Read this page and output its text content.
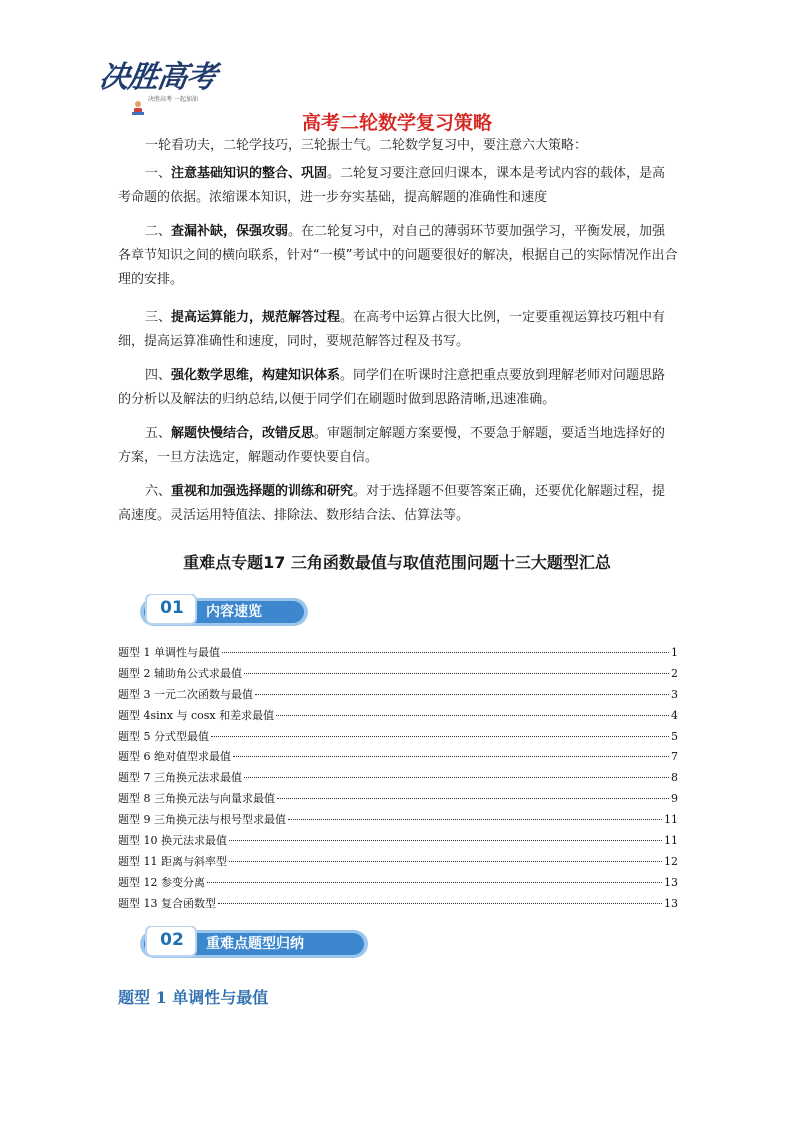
决胜高考
决胜高考 一起加油
高考二轮数学复习策略
一轮看功夫，二轮学技巧，三轮振士气。二轮数学复习中，要注意六大策略：
一、注意基础知识的整合、巩固。二轮复习要注意回归课本，课本是考试内容的载体，是高考命题的依据。浓缩课本知识，进一步夯实基础，提高解题的准确性和速度
二、查漏补缺，保强攻弱。在二轮复习中，对自己的薄弱环节要加强学习，平衡发展，加强各章节知识之间的横向联系，针对“一模”考试中的问题要很好的解决，根据自己的实际情况作出合理的安排。
三、提高运算能力，规范解答过程。在高考中运算占很大比例，一定要重视运算技巧粗中有细，提高运算准确性和速度，同时，要规范解答过程及书写。
四、强化数学思维，构建知识体系。同学们在听课时注意把重点要放到理解老师对问题思路的分析以及解法的归纳总结,以便于同学们在刷题时做到思路清晰,迅速准确。
五、解题快慢结合，改错反思。审题制定解题方案要慢，不要急于解题，要适当地选择好的方案，一旦方法选定，解题动作要快要自信。
六、重视和加强选择题的训练和研究。对于选择题不但要答案正确，还要优化解题过程，提高速度。灵活运用特值法、排除法、数形结合法、估算法等。
重难点专题17 三角函数最值与取值范围问题十三大题型汇总
01	内容速览
题型 1 单调性与最值	1
题型 2 辅助角公式求最值	2
题型 3 一元二次函数与最值	3
题型 4sinx 与 cosx 和差求最值	4
题型 5 分式型最值	5
题型 6 绝对值型求最值	7
题型 7 三角换元法求最值	8
题型 8 三角换元法与向量求最值	9
题型 9 三角换元法与根号型求最值	11
题型 10 换元法求最值	11
题型 11 距离与斜率型	12
题型 12 参变分离	13
题型 13 复合函数型	13
02	重难点题型归纳
题型 1 单调性与最值
